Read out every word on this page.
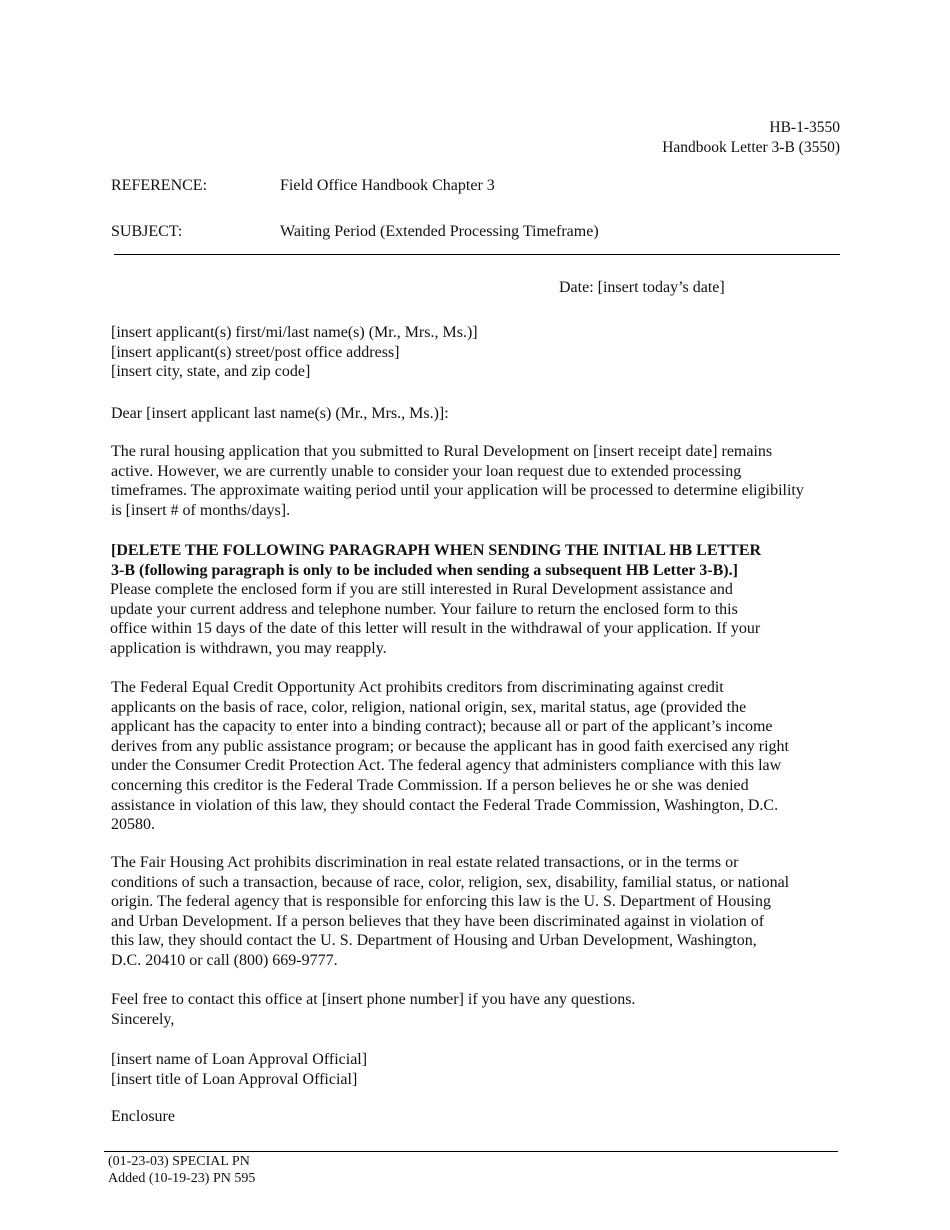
HB-1-3550
Handbook Letter 3-B (3550)
REFERENCE:	Field Office Handbook Chapter 3
SUBJECT:	Waiting Period (Extended Processing Timeframe)
Date: [insert today’s date]
[insert applicant(s) first/mi/last name(s) (Mr., Mrs., Ms.)]
[insert applicant(s) street/post office address]
[insert city, state, and zip code]
Dear [insert applicant last name(s) (Mr., Mrs., Ms.)]:
The rural housing application that you submitted to Rural Development on [insert receipt date] remains
active. However, we are currently unable to consider your loan request due to extended processing
timeframes. The approximate waiting period until your application will be processed to determine eligibility
is [insert # of months/days].
[DELETE THE FOLLOWING PARAGRAPH WHEN SENDING THE INITIAL HB LETTER
3-B (following paragraph is only to be included when sending a subsequent HB Letter 3-B).]
Please complete the enclosed form if you are still interested in Rural Development assistance and
update your current address and telephone number. Your failure to return the enclosed form to this
office within 15 days of the date of this letter will result in the withdrawal of your application. If your
application is withdrawn, you may reapply.
The Federal Equal Credit Opportunity Act prohibits creditors from discriminating against credit
applicants on the basis of race, color, religion, national origin, sex, marital status, age (provided the
applicant has the capacity to enter into a binding contract); because all or part of the applicant’s income
derives from any public assistance program; or because the applicant has in good faith exercised any right
under the Consumer Credit Protection Act. The federal agency that administers compliance with this law
concerning this creditor is the Federal Trade Commission. If a person believes he or she was denied
assistance in violation of this law, they should contact the Federal Trade Commission, Washington, D.C.
20580.
The Fair Housing Act prohibits discrimination in real estate related transactions, or in the terms or
conditions of such a transaction, because of race, color, religion, sex, disability, familial status, or national
origin. The federal agency that is responsible for enforcing this law is the U. S. Department of Housing
and Urban Development. If a person believes that they have been discriminated against in violation of
this law, they should contact the U. S. Department of Housing and Urban Development, Washington,
D.C. 20410 or call (800) 669-9777.
Feel free to contact this office at [insert phone number] if you have any questions.
Sincerely,
[insert name of Loan Approval Official]
[insert title of Loan Approval Official]
Enclosure
(01-23-03) SPECIAL PN
Added (10-19-23) PN 595
